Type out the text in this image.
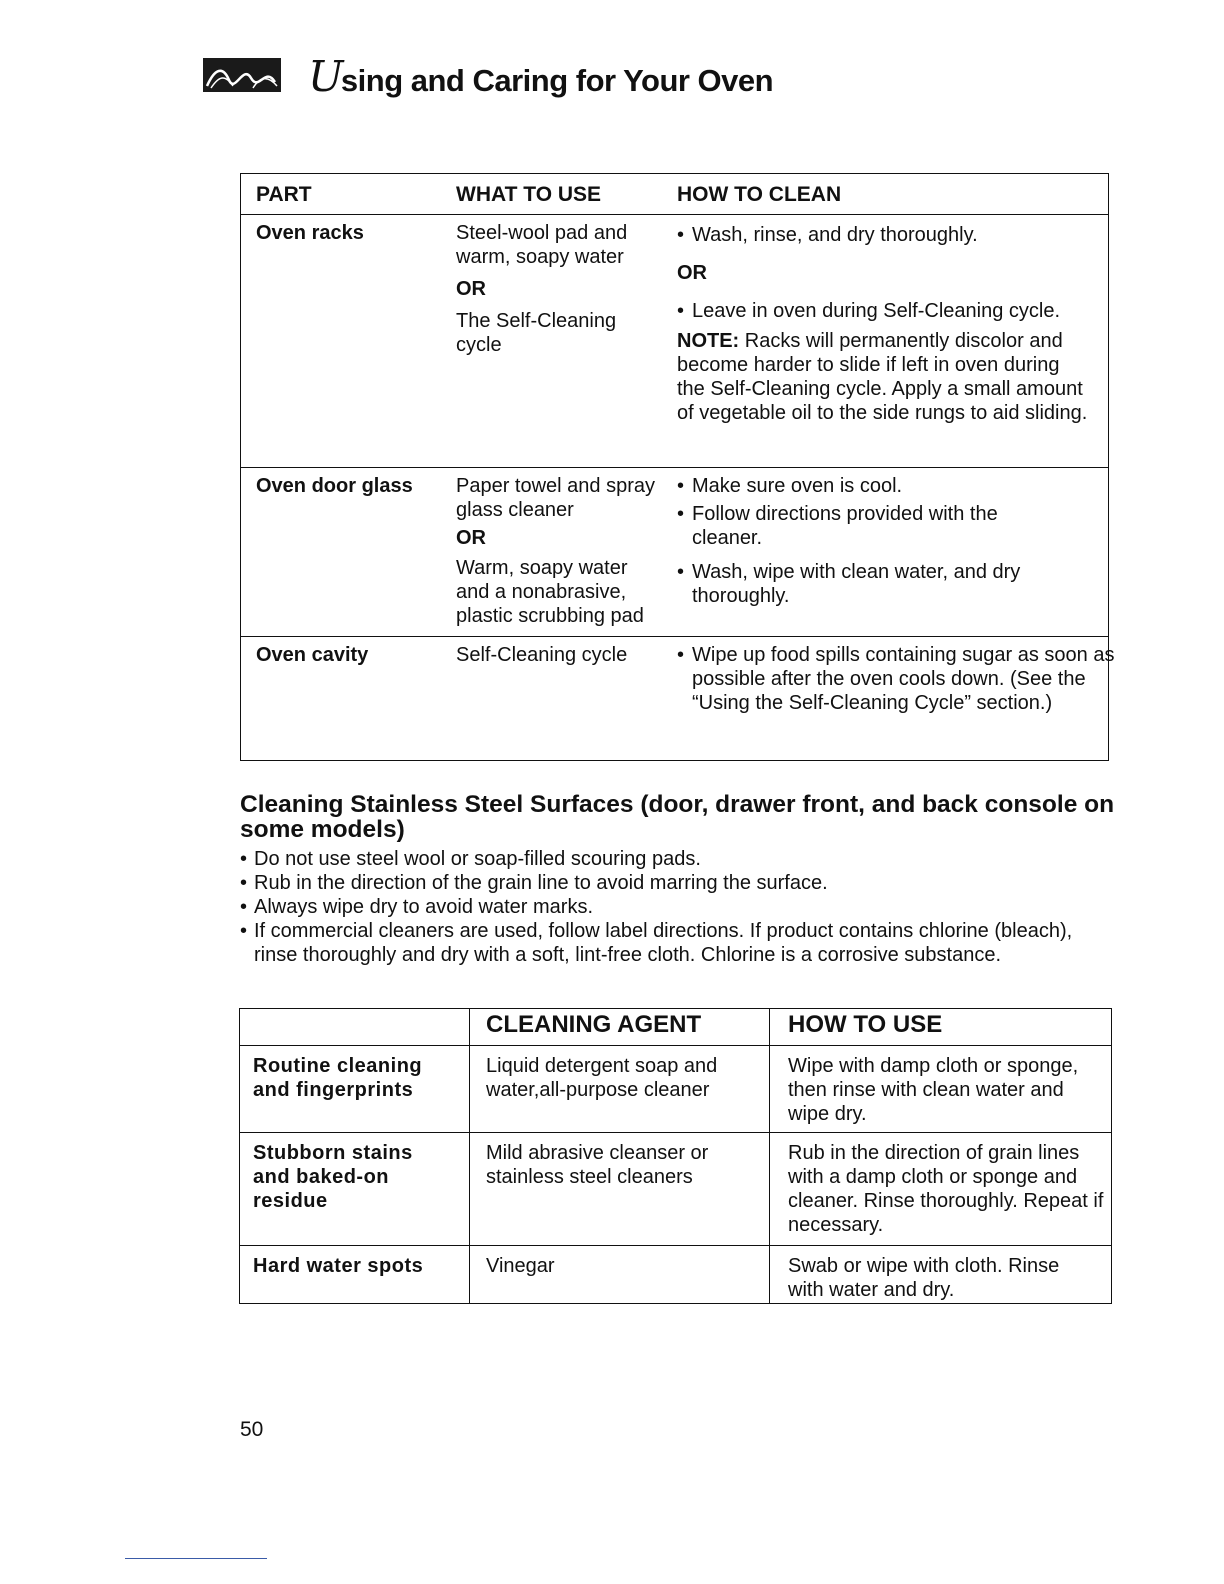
Using and Caring for Your Oven
PART	WHAT TO USE	HOW TO CLEAN
Oven racks	Steel-wool pad and warm, soapy water

OR

The Self-Cleaning cycle

• Wash, rinse, and dry thoroughly.

OR

• Leave in oven during Self-Cleaning cycle.

NOTE: Racks will permanently discolor and become harder to slide if left in oven during the Self-Cleaning cycle. Apply a small amount of vegetable oil to the side rungs to aid sliding.

Oven door glass Paper towel and spray glass cleaner

OR

Warm, soapy water and a nonabrasive, plastic scrubbing pad

• Make sure oven is cool.

• Follow directions provided with the cleaner.

• Wash, wipe with clean water, and dry thoroughly.

Oven cavity	Self-Cleaning cycle

•	Wipe up food spills containing sugar as soon as possible after the oven cools down. (See the “Using the Self-Cleaning Cycle” section.)

Cleaning Stainless Steel Surfaces (door, drawer front, and back console on some models)
• Do not use steel wool or soap-filled scouring pads.
• Rub in the direction of the grain line to avoid marring the surface.
• Always wipe dry to avoid water marks.
• If commercial cleaners are used, follow label directions. If product contains chlorine (bleach), rinse thoroughly and dry with a soft, lint-free cloth. Chlorine is a corrosive substance.
CLEANING AGENT	HOW TO USE
Routine cleaning and fingerprints
Liquid detergent soap and water,all-purpose cleaner
Wipe with damp cloth or sponge, then rinse with clean water and wipe dry.
Stubborn stains and baked-on residue
Mild abrasive cleanser or stainless steel cleaners
Rub in the direction of grain lines with a damp cloth or sponge and cleaner. Rinse thoroughly. Repeat if necessary.
Hard water spots	Vinegar	Swab or wipe with cloth. Rinse with water and dry.
50
